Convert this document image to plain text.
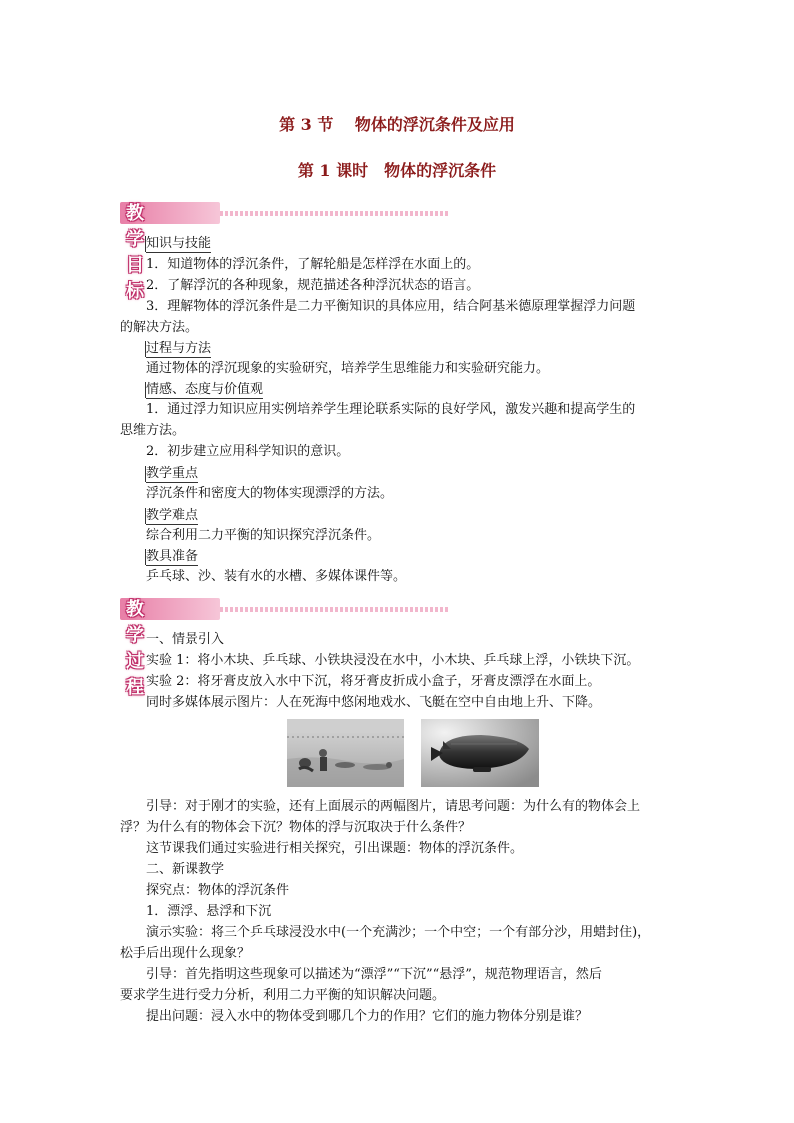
第 3 节　 物体的浮沉条件及应用
第 1 课时　物体的浮沉条件
教学目标
知识与技能
1．知道物体的浮沉条件，了解轮船是怎样浮在水面上的。
2．了解浮沉的各种现象，规范描述各种浮沉状态的语言。
3．理解物体的浮沉条件是二力平衡知识的具体应用，结合阿基米德原理掌握浮力问题
的解决方法。
过程与方法
通过物体的浮沉现象的实验研究，培养学生思维能力和实验研究能力。
情感、态度与价值观
1．通过浮力知识应用实例培养学生理论联系实际的良好学风，激发兴趣和提高学生的
思维方法。
2．初步建立应用科学知识的意识。
教学重点
浮沉条件和密度大的物体实现漂浮的方法。
教学难点
综合利用二力平衡的知识探究浮沉条件。
教具准备
乒乓球、沙、装有水的水槽、多媒体课件等。
教学过程
一、情景引入
实验 1：将小木块、乒乓球、小铁块浸没在水中，小木块、乒乓球上浮，小铁块下沉。
实验 2：将牙膏皮放入水中下沉，将牙膏皮折成小盒子，牙膏皮漂浮在水面上。
同时多媒体展示图片：人在死海中悠闲地戏水、飞艇在空中自由地上升、下降。
引导：对于刚才的实验，还有上面展示的两幅图片，请思考问题：为什么有的物体会上
浮？为什么有的物体会下沉？物体的浮与沉取决于什么条件？
这节课我们通过实验进行相关探究，引出课题：物体的浮沉条件。
二、新课教学
探究点：物体的浮沉条件
1．漂浮、悬浮和下沉
演示实验：将三个乒乓球浸没水中(一个充满沙；一个中空；一个有部分沙，用蜡封住)，
松手后出现什么现象？
引导：首先指明这些现象可以描述为“漂浮”“下沉”“悬浮”，规范物理语言，然后
要求学生进行受力分析，利用二力平衡的知识解决问题。
提出问题：浸入水中的物体受到哪几个力的作用？它们的施力物体分别是谁？
